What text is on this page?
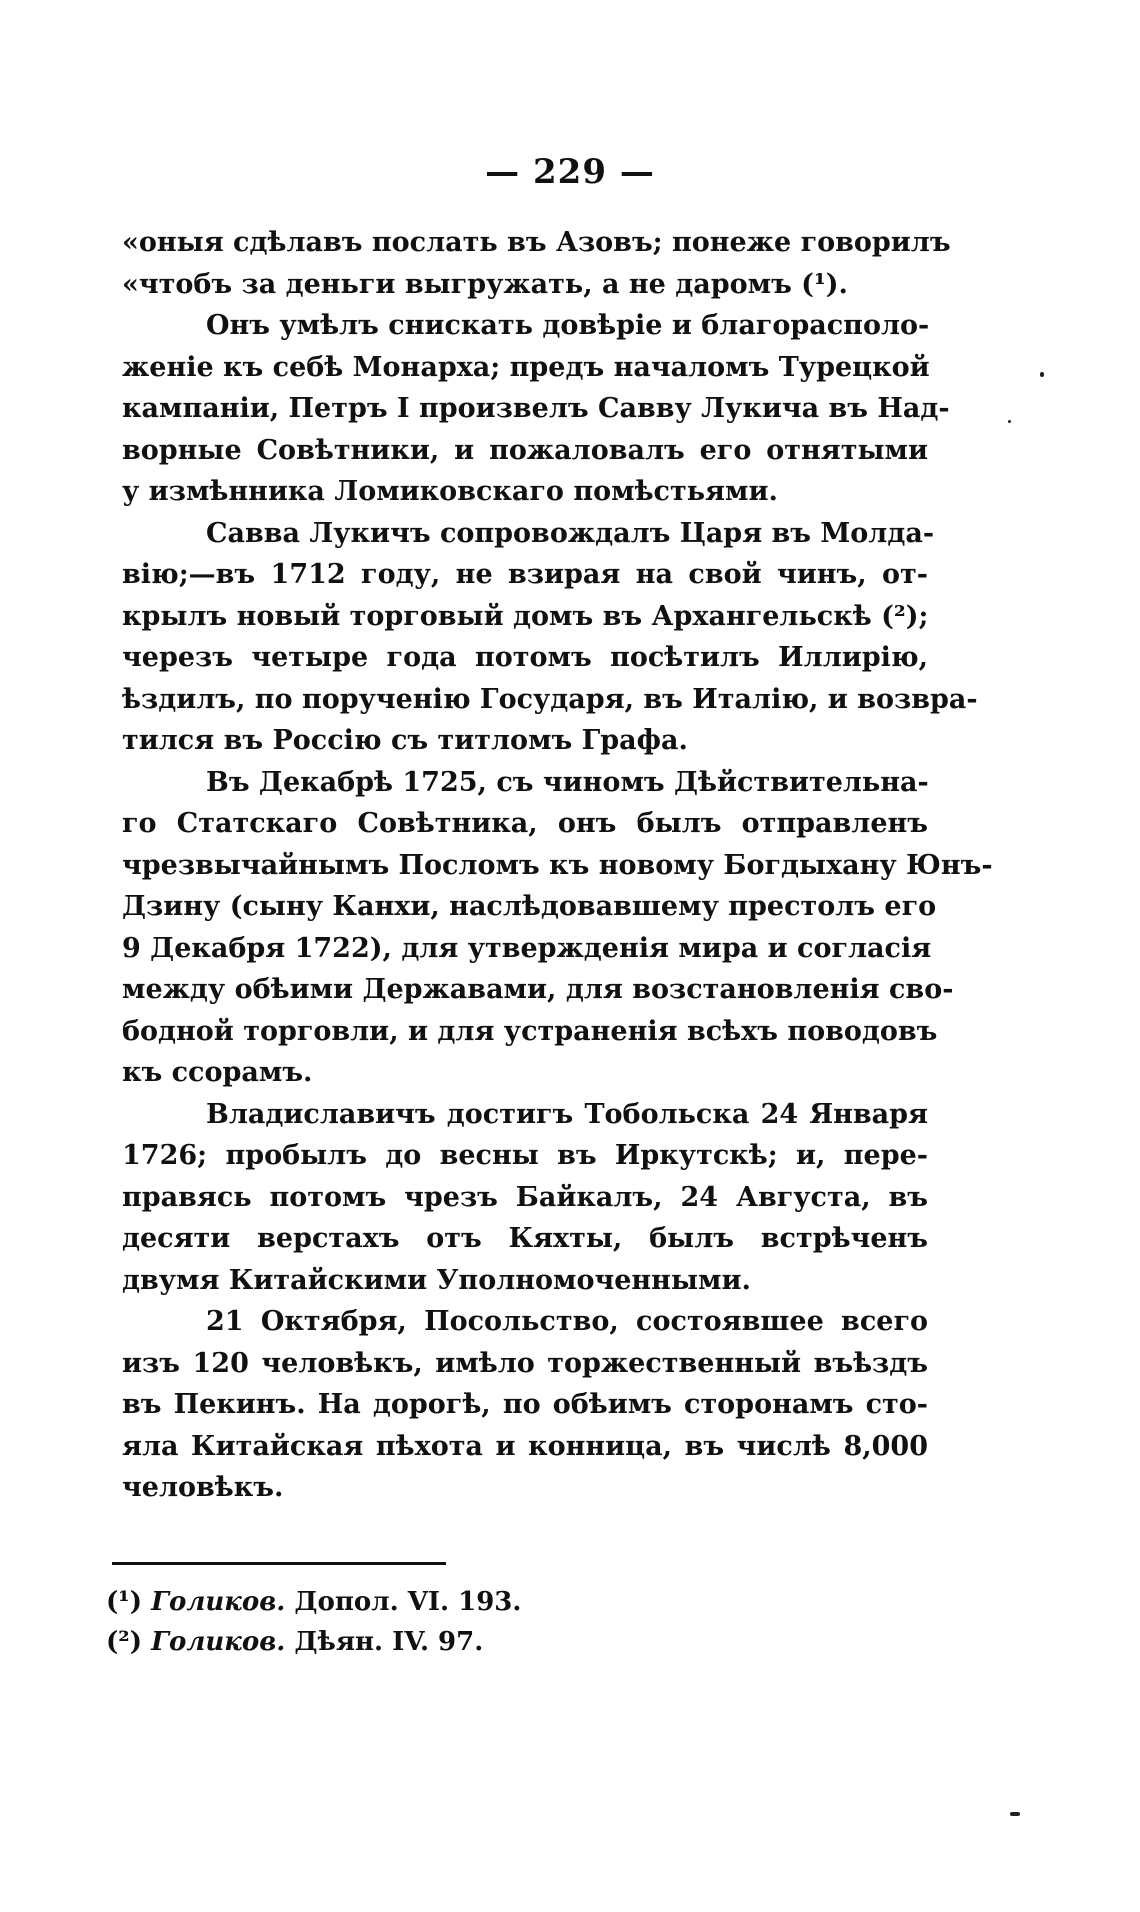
— 229 —
«оныя сдѣлавъ послать въ Азовъ; понеже говорилъ
«чтобъ за деньги выгружать, а не даромъ (¹).
Онъ умѣлъ снискать довѣріе и благорасполо-
женіе къ себѣ Монарха; предъ началомъ Турецкой
кампаніи, Петръ I произвелъ Савву Лукича въ Над-
ворные Совѣтники, и пожаловалъ его отнятыми
у измѣнника Ломиковскаго помѣстьями.
Савва Лукичъ сопровождалъ Царя въ Молда-
вію;—въ 1712 году, не взирая на свой чинъ, от-
крылъ новый торговый домъ въ Архангельскѣ (²);
черезъ четыре года потомъ посѣтилъ Иллирію,
ѣздилъ, по порученію Государя, въ Италію, и возвра-
тился въ Россію съ титломъ Графа.
Въ Декабрѣ 1725, съ чиномъ Дѣйствительна-
го Статскаго Совѣтника, онъ былъ отправленъ
чрезвычайнымъ Посломъ къ новому Богдыхану Юнъ-
Дзину (сыну Канхи, наслѣдовавшему престолъ его
9 Декабря 1722), для утвержденія мира и согласія
между обѣими Державами, для возстановленія сво-
бодной торговли, и для устраненія всѣхъ поводовъ
къ ссорамъ.
Владиславичъ достигъ Тобольска 24 Января
1726; пробылъ до весны въ Иркутскѣ; и, пере-
правясь потомъ чрезъ Байкалъ, 24 Августа, въ
десяти верстахъ отъ Кяхты, былъ встрѣченъ
двумя Китайскими Уполномоченными.
21 Октября, Посольство, состоявшее всего
изъ 120 человѣкъ, имѣло торжественный въѣздъ
въ Пекинъ. На дорогѣ, по обѣимъ сторонамъ сто-
яла Китайская пѣхота и конница, въ числѣ 8,000
человѣкъ.
(¹) Голиков. Допол. VI. 193.
(²) Голиков. Дѣян. IV. 97.
